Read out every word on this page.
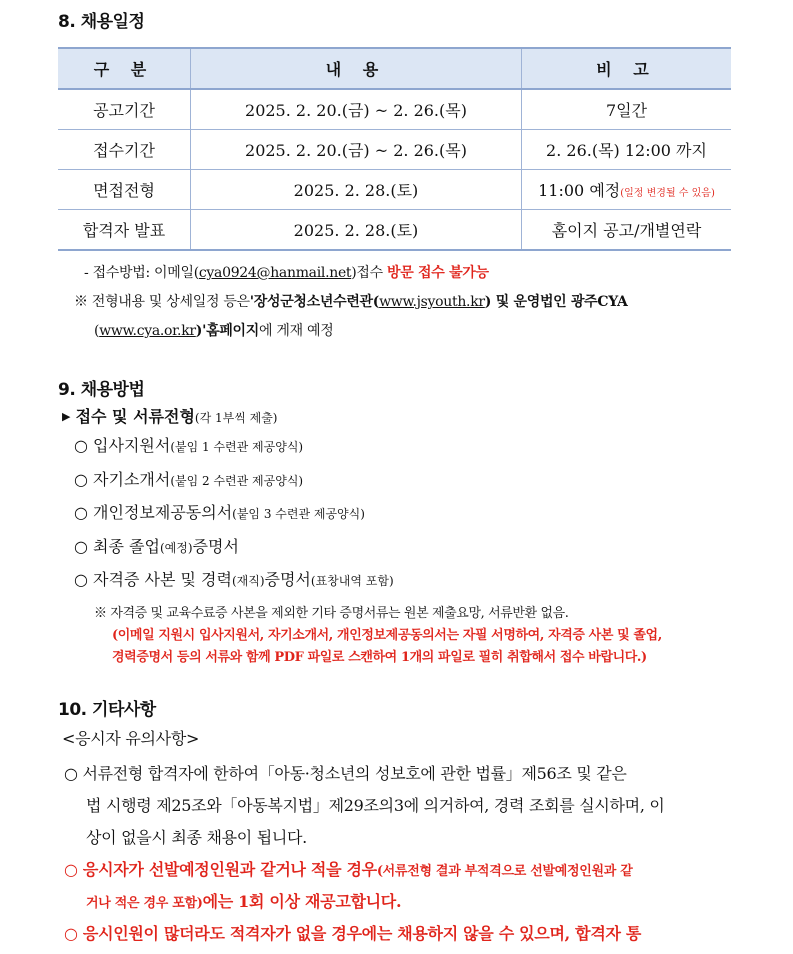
8. 채용일정
구 분	내 용	비 고
공고기간	2025. 2. 20.(금) ~ 2. 26.(목)	7일간
접수기간	2025. 2. 20.(금) ~ 2. 26.(목)	2. 26.(목) 12:00 까지
면접전형	2025. 2. 28.(토)	11:00 예정(일정 변경될 수 있음)
합격자 발표	2025. 2. 28.(토)	홈이지 공고/개별연락
- 접수방법: 이메일(cya0924@hanmail.net)접수 방문 접수 불가능
※ 전형내용 및 상세일정 등은'장성군청소년수련관(www.jsyouth.kr) 및 운영법인 광주CYA
(www.cya.or.kr)'홈페이지에 게재 예정
9. 채용방법
▶ 접수 및 서류전형(각 1부씩 제출)
○ 입사지원서(붙임 1 수련관 제공양식)
○ 자기소개서(붙임 2 수련관 제공양식)
○ 개인정보제공동의서(붙임 3 수련관 제공양식)
○ 최종 졸업(예정)증명서
○ 자격증 사본 및 경력(재직)증명서(표창내역 포함)
※ 자격증 및 교육수료증 사본을 제외한 기타 증명서류는 원본 제출요망, 서류반환 없음.
(이메일 지원시 입사지원서, 자기소개서, 개인정보제공동의서는 자필 서명하여, 자격증 사본 및 졸업,
경력증명서 등의 서류와 함께 PDF 파일로 스캔하여 1개의 파일로 필히 취합해서 접수 바랍니다.)
10. 기타사항
<응시자 유의사항>
○ 서류전형 합격자에 한하여「아동·청소년의 성보호에 관한 법률」제56조 및 같은
법 시행령 제25조와「아동복지법」제29조의3에 의거하여, 경력 조회를 실시하며, 이
상이 없을시 최종 채용이 됩니다.
○ 응시자가 선발예정인원과 같거나 적을 경우(서류전형 결과 부적격으로 선발예정인원과 같
거나 적은 경우 포함)에는 1회 이상 재공고합니다.
○ 응시인원이 많더라도 적격자가 없을 경우에는 채용하지 않을 수 있으며, 합격자 통
